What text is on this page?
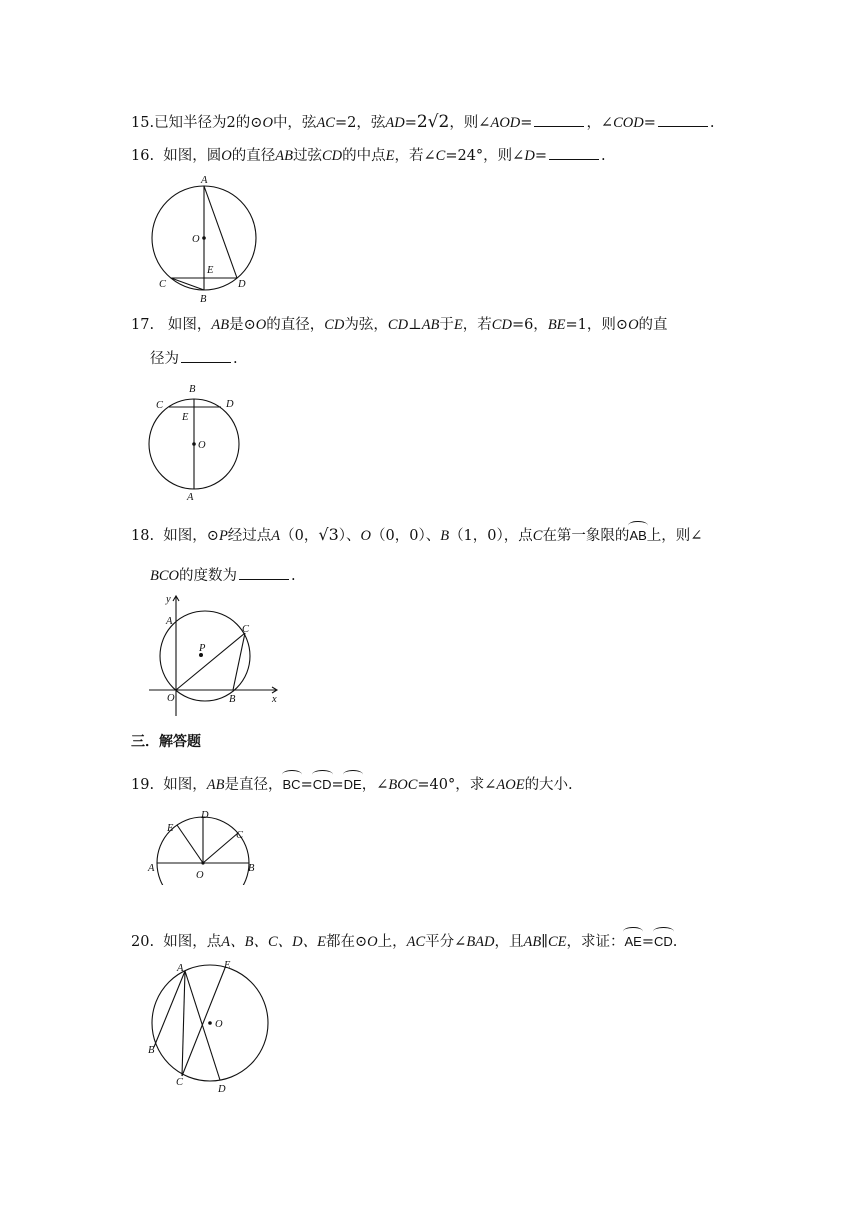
15.已知半径为2的⊙O中，弦AC=2，弦AD=2√2，则∠AOD=	，∠COD=	.
16. 如图，圆O的直径AB过弦CD的中点E，若∠C=24°，则∠D=	.
A
O
E
C
B
D
17. 如图，AB是⊙O的直径，CD为弦，CD⊥AB于E，若CD=6，BE=1，则⊙O的直
径为	.
B
C	D
E
O
A
18. 如图，⊙P经过点A（0，√3）、O（0，0）、B（1，0），点C在第一象限的AB上，则∠
BCO的度数为	.
y
A
P
C
O	B	x
三．解答题
19. 如图，AB是直径，BC=CD=DE，∠BOC=40°，求∠AOE的大小.
E
D
C
A
O
B
20. 如图，点A、B、C、D、E都在⊙O上，AC平分∠BAD，且AB∥CE，求证：AE=CD.
A	E
O
B
C
D
